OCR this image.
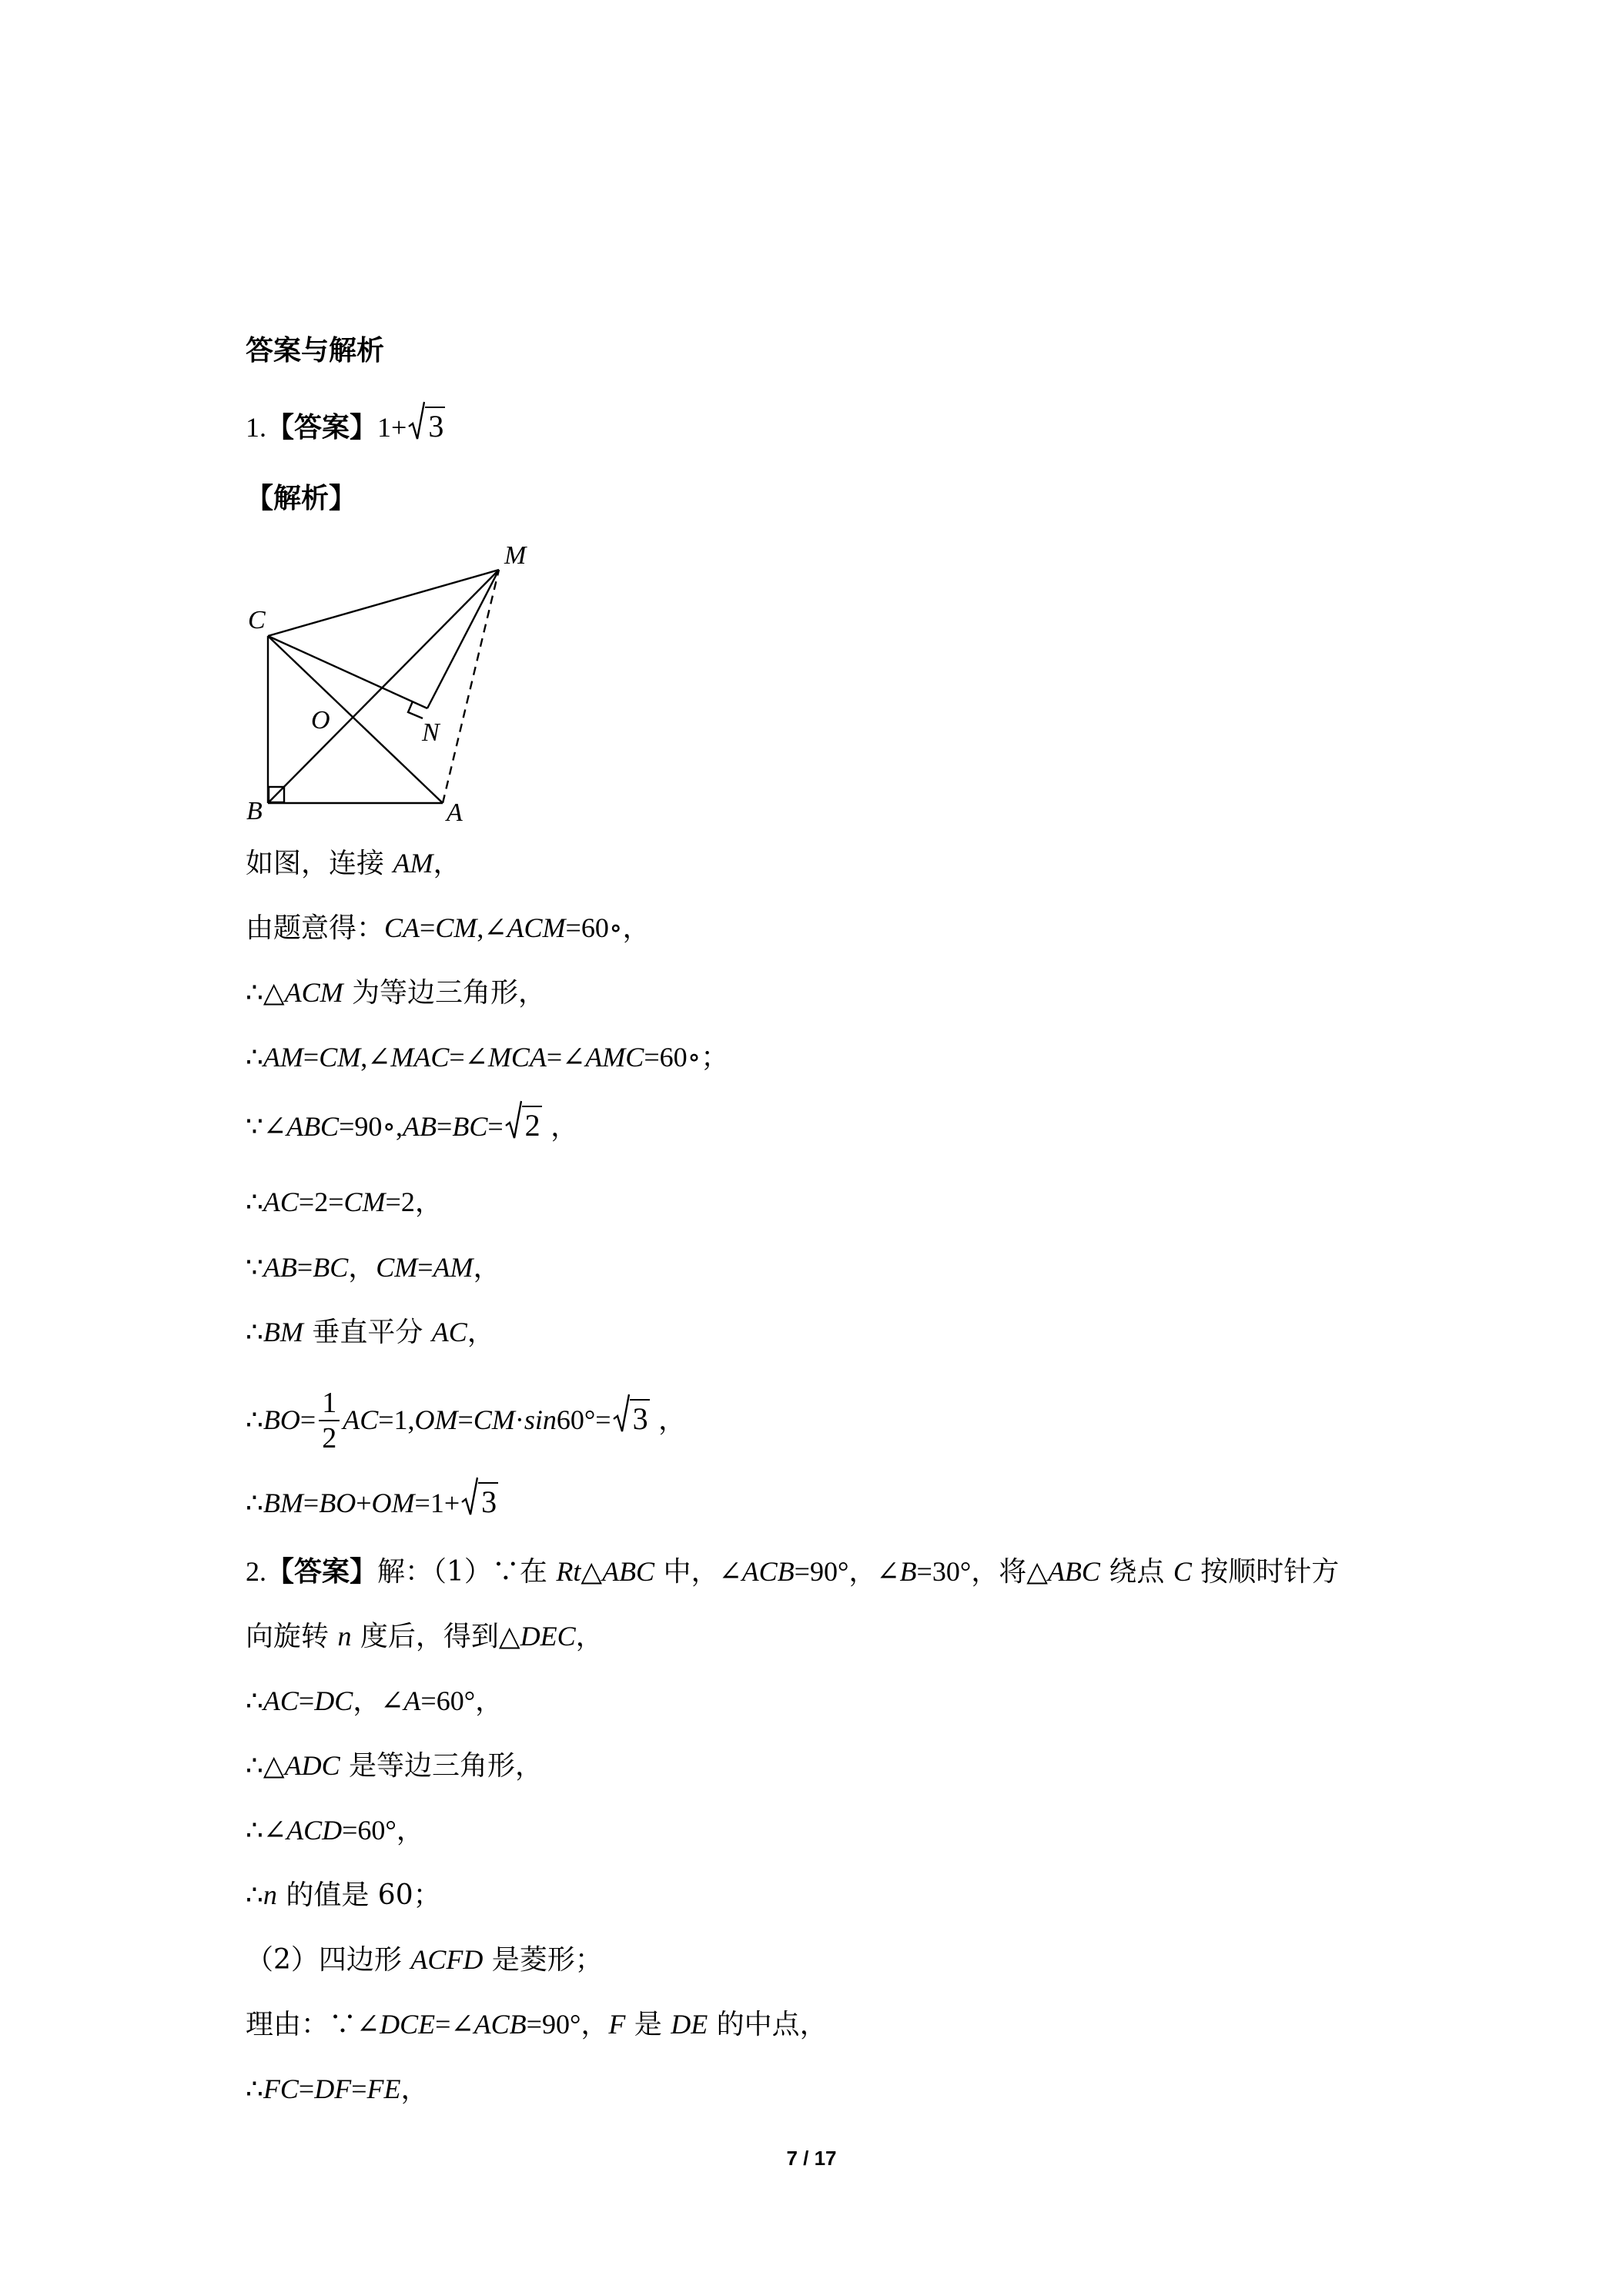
答案与解析
1.【答案】1+ 3
【解析】
M
C
O	N
B	A
如图，连接 AM，
由题意得：CA=CM,∠ACM=60∘，
∴△ACM 为等边三角形，
∴AM=CM,∠MAC=∠MCA=∠AMC=60∘；
∵∠ABC=90∘,AB=BC= 2 ，
∴AC=2=CM=2，
∵AB=BC，CM=AM，
∴BM 垂直平分 AC，
∴BO= $\frac{1}{2} AC=1,OM=CM\cdot\sin 60^\circ= 3$ ，
∴BM=BO+OM=1+ 3
2.【答案】解：（1）∵在 Rt△ABC 中，∠ACB=90°，∠B=30°，将△ABC 绕点 C 按顺时针方
向旋转 n 度后，得到△DEC，
∴AC=DC，∠A=60°，
∴△ADC 是等边三角形，
∴∠ACD=60°，
∴n 的值是 60；
（2）四边形 ACFD 是菱形；
理由：∵∠DCE=∠ACB=90°，F 是 DE 的中点，
∴FC=DF=FE，
7 / 17
